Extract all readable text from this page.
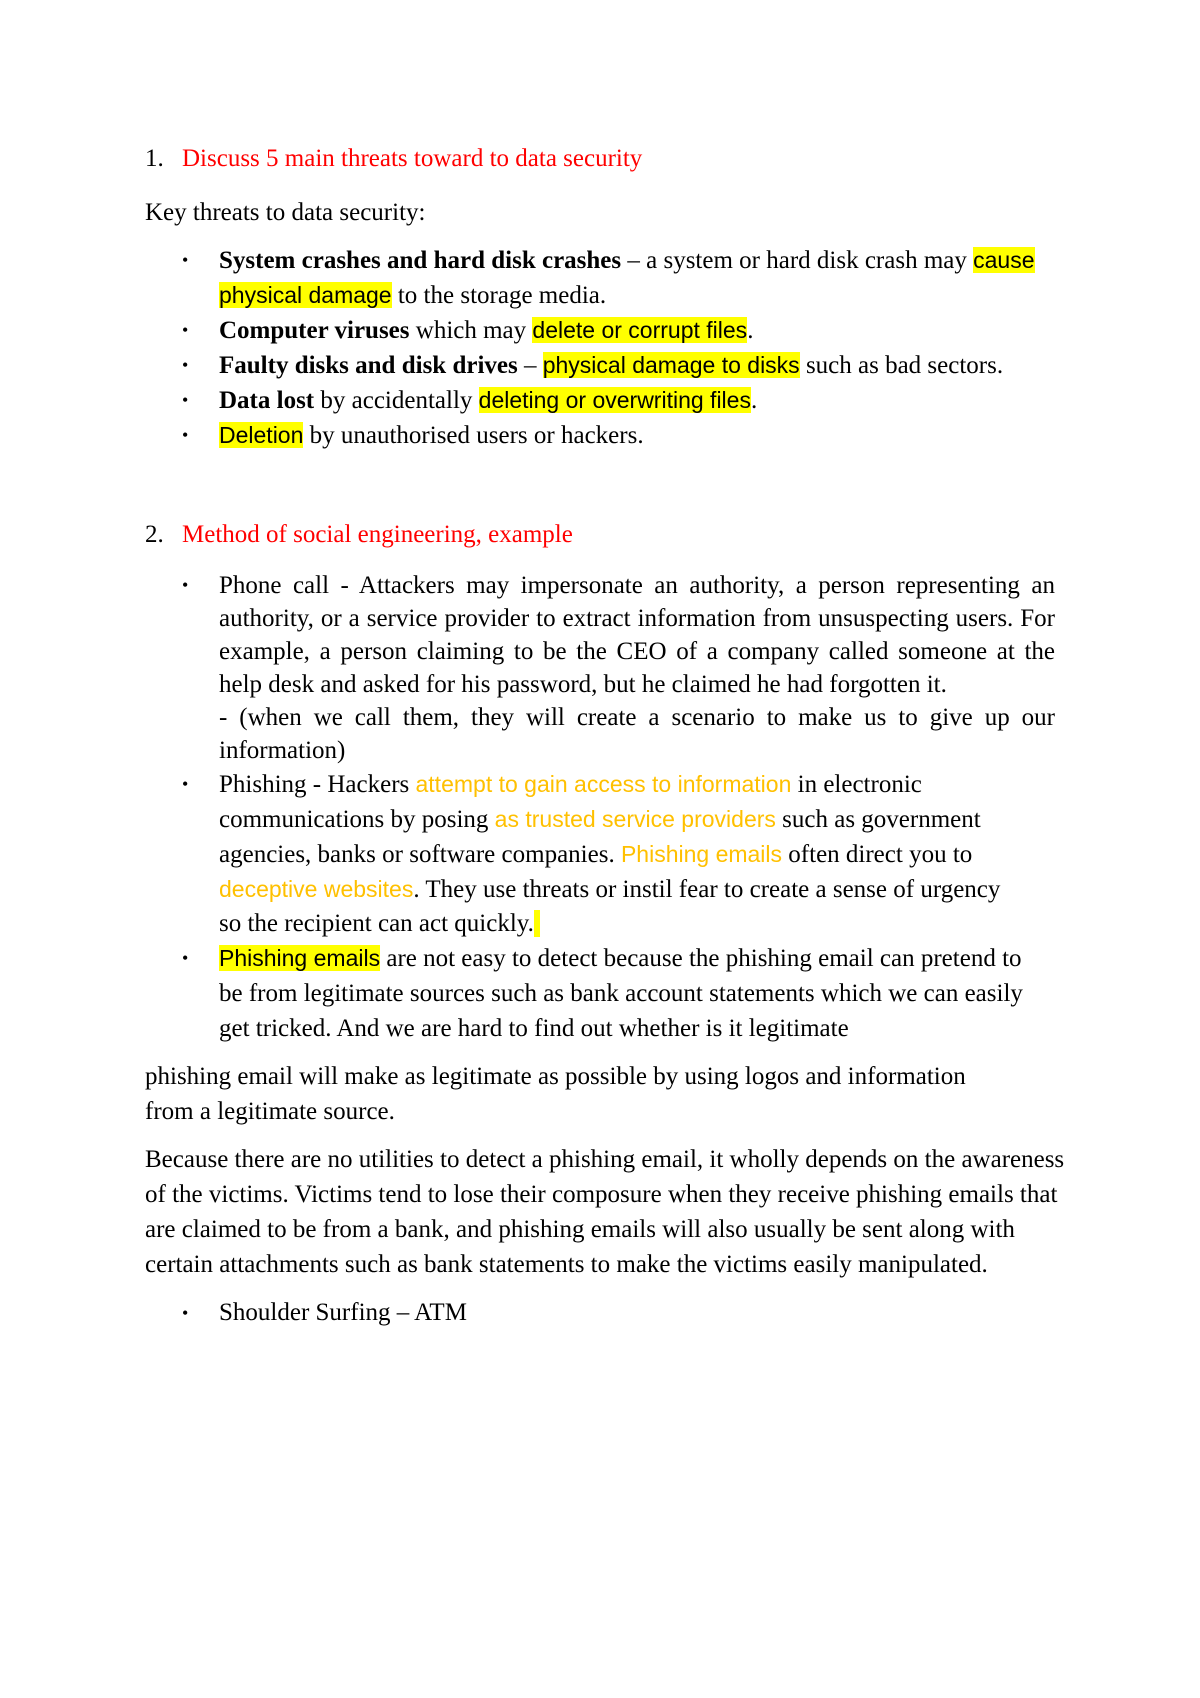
1. Discuss 5 main threats toward to data security

Key threats to data security:

• System crashes and hard disk crashes – a system or hard disk crash may cause physical damage to the storage media.
• Computer viruses which may delete or corrupt files.
• Faulty disks and disk drives – physical damage to disks such as bad sectors.
• Data lost by accidentally deleting or overwriting files.
• Deletion by unauthorised users or hackers.
2. Method of social engineering, example
• Phone call - Attackers may impersonate an authority, a person representing an authority, or a service provider to extract information from unsuspecting users. For example, a person claiming to be the CEO of a company called someone at the help desk and asked for his password, but he claimed he had forgotten it.
- (when we call them, they will create a scenario to make us to give up our information)
• Phishing - Hackers attempt to gain access to information in electronic communications by posing as trusted service providers such as government agencies, banks or software companies. Phishing emails often direct you to deceptive websites. They use threats or instil fear to create a sense of urgency so the recipient can act quickly.
• Phishing emails are not easy to detect because the phishing email can pretend to be from legitimate sources such as bank account statements which we can easily get tricked. And we are hard to find out whether is it legitimate

phishing email will make as legitimate as possible by using logos and information from a legitimate source.

Because there are no utilities to detect a phishing email, it wholly depends on the awareness of the victims. Victims tend to lose their composure when they receive phishing emails that are claimed to be from a bank, and phishing emails will also usually be sent along with certain attachments such as bank statements to make the victims easily manipulated.

• Shoulder Surfing – ATM
